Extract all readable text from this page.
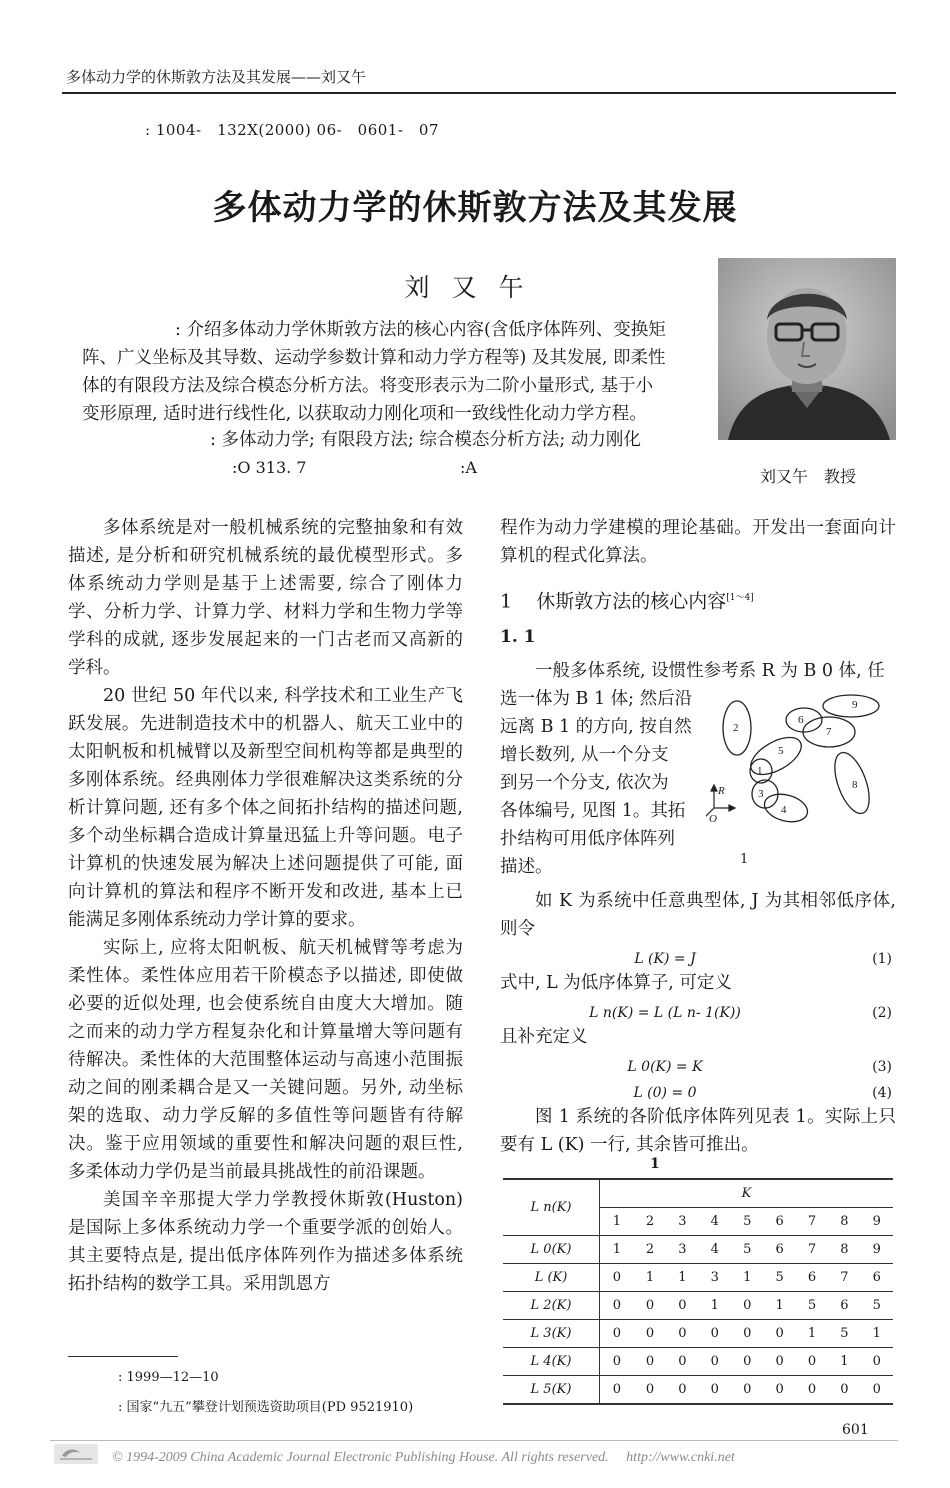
多体动力学的休斯敦方法及其发展——刘又午
: 1004-　132Ⅹ(2000) 06-　0601-　07
多体动力学的休斯敦方法及其发展
刘又午
: 介绍多体动力学休斯敦方法的核心内容(含低序体阵列、变换矩
阵、广义坐标及其导数、运动学参数计算和动力学方程等) 及其发展, 即柔性
体的有限段方法及综合模态分析方法。将变形表示为二阶小量形式, 基于小
变形原理, 适时进行线性化, 以获取动力刚化项和一致线性化动力学方程。
: 多体动力学; 有限段方法; 综合模态分析方法; 动力刚化
:O 313. 7	:A	刘又午　教授

多体系统是对一般机械系统的完整抽象和有效描述, 是分析和研究机械系统的最优模型形式。多体系统动力学则是基于上述需要, 综合了刚体力学、分析力学、计算力学、材料力学和生物力学等学科的成就, 逐步发展起来的一门古老而又高新的学科。

20 世纪 50 年代以来, 科学技术和工业生产飞跃发展。先进制造技术中的机器人、航天工业中的太阳帆板和机械臂以及新型空间机构等都是典型的多刚体系统。经典刚体力学很难解决这类系统的分析计算问题, 还有多个体之间拓扑结构的描述问题, 多个动坐标耦合造成计算量迅猛上升等问题。电子计算机的快速发展为解决上述问题提供了可能, 面向计算机的算法和程序不断开发和改进, 基本上已能满足多刚体系统动力学计算的要求。

实际上, 应将太阳帆板、航天机械臂等考虑为柔性体。柔性体应用若干阶模态予以描述, 即使做必要的近似处理, 也会使系统自由度大大增加。随之而来的动力学方程复杂化和计算量增大等问题有待解决。柔性体的大范围整体运动与高速小范围振动之间的刚柔耦合是又一关键问题。另外, 动坐标架的选取、动力学反解的多值性等问题皆有待解决。鉴于应用领域的重要性和解决问题的艰巨性, 多柔体动力学仍是当前最具挑战性的前沿课题。

美国辛辛那提大学力学教授休斯敦(Huston) 是国际上多体系统动力学一个重要学派的创始人。其主要特点是, 提出低序体阵列作为描述多体系统拓扑结构的数学工具。采用凯恩方

程作为动力学建模的理论基础。开发出一套面向计算机的程式化算法。

1 休斯敦方法的核心内容[1～4]
1. 1

一般多体系统, 设惯性参考系 R 为 B 0 体, 任

选一体为 B 1 体; 然后沿

远离 B 1 的方向, 按自然

增长数列, 从一个分支

到另一个分支, 依次为

各体编号, 见图 1。其拓

扑结构可用低序体阵列

描述。

如 K 为系统中任意典型体, J 为其相邻低序体, 则令

L (K) = J	(1)

式中, L 为低序体算子, 可定义

L n(K) = L (L n- 1(K))	(2)

且补充定义

L 0(K) = K	(3)
L (0) = 0	(4)

图 1 系统的各阶低序体阵列见表 1。实际上只要有 L (K) 一行, 其余皆可推出。

2
1
5
3
4
6
9
7
8
R
O
1
1
L n(K)	K								
	1	2	3	4	5	6	7	8	9
L 0(K)	1	2	3	4	5	6	7	8	9
L (K)	0	1	1	3	1	5	6	7	6
L 2(K)	0	0	0	1	0	1	5	6	5
L 3(K)	0	0	0	0	0	0	1	5	1
L 4(K)	0	0	0	0	0	0	0	1	0
L 5(K)	0	0	0	0	0	0	0	0	0
: 1999—12—10
: 国家“九五”攀登计划预选资助项目(PD 9521910)
601
© 1994-2009 China Academic Journal Electronic Publishing House. All rights reserved.　 http://www.cnki.net
